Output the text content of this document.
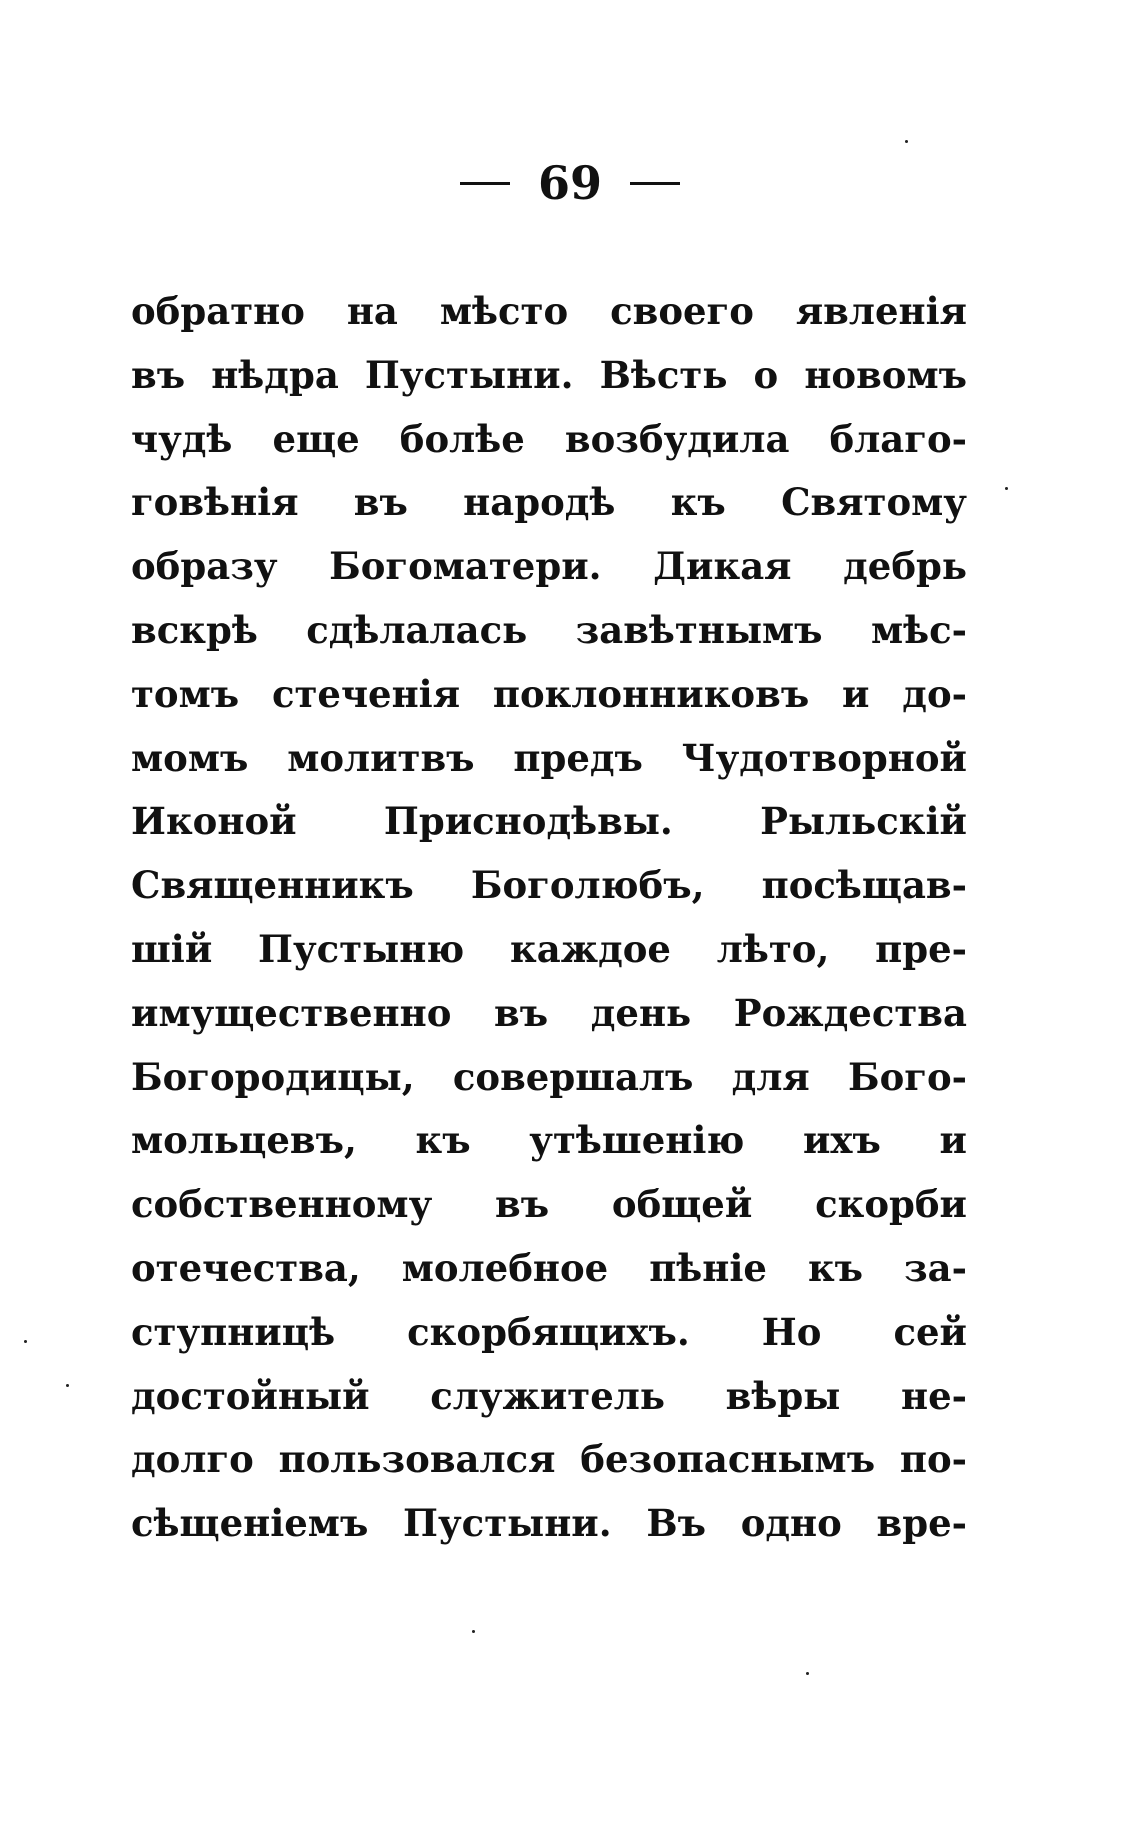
69
обратно на мѣсто своего явленія
въ нѣдра Пустыни. Вѣсть о новомъ
чудѣ еще болѣе возбудила благо-
говѣнія въ народѣ къ Святому
образу Богоматери. Дикая дебрь
вскрѣ сдѣлалась завѣтнымъ мѣс-
томъ стеченія поклонниковъ и до-
момъ молитвъ предъ Чудотворной
Иконой Приснодѣвы. Рыльскій
Священникъ Боголюбъ, посѣщав-
шій Пустыню каждое лѣто, пре-
имущественно въ день Рождества
Богородицы, совершалъ для Бого-
мольцевъ, къ утѣшенію ихъ и
собственному въ общей скорби
отечества, молебное пѣніе къ за-
ступницѣ скорбящихъ. Но сей
достойный служитель вѣры не-
долго пользовался безопаснымъ по-
сѣщеніемъ Пустыни. Въ одно вре-
